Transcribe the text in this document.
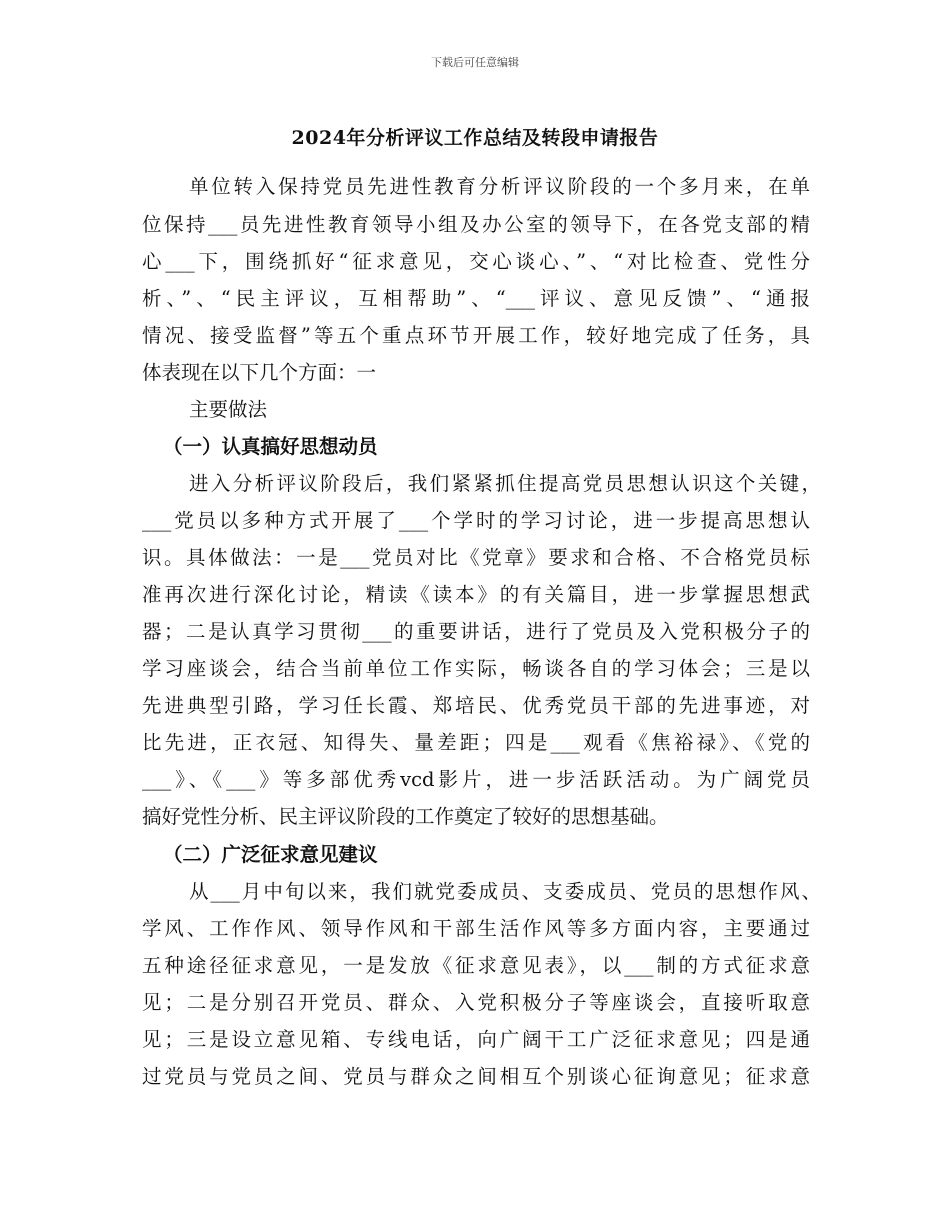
下载后可任意编辑
2024年分析评议工作总结及转段申请报告
单位转入保持党员先进性教育分析评议阶段的一个多月来，在单
位保持___员先进性教育领导小组及办公室的领导下，在各党支部的精
心___下，围绕抓好“征求意见，交心谈心、”、“对比检查、党性分
析、”、“民主评议，互相帮助”、“___评议、意见反馈”、“通报
情况、接受监督”等五个重点环节开展工作，较好地完成了任务，具
体表现在以下几个方面：一
主要做法
（一）认真搞好思想动员
进入分析评议阶段后，我们紧紧抓住提高党员思想认识这个关键，
___党员以多种方式开展了___个学时的学习讨论，进一步提高思想认
识。具体做法：一是___党员对比《党章》要求和合格、不合格党员标
准再次进行深化讨论，精读《读本》的有关篇目，进一步掌握思想武
器；二是认真学习贯彻___的重要讲话，进行了党员及入党积极分子的
学习座谈会，结合当前单位工作实际，畅谈各自的学习体会；三是以
先进典型引路，学习任长霞、郑培民、优秀党员干部的先进事迹，对
比先进，正衣冠、知得失、量差距；四是___观看《焦裕禄》、《党的
___》、《___》等多部优秀vcd影片，进一步活跃活动。为广阔党员
搞好党性分析、民主评议阶段的工作奠定了较好的思想基础。
（二）广泛征求意见建议
从___月中旬以来，我们就党委成员、支委成员、党员的思想作风、
学风、工作作风、领导作风和干部生活作风等多方面内容，主要通过
五种途径征求意见，一是发放《征求意见表》，以___制的方式征求意
见；二是分别召开党员、群众、入党积极分子等座谈会，直接听取意
见；三是设立意见箱、专线电话，向广阔干工广泛征求意见；四是通
过党员与党员之间、党员与群众之间相互个别谈心征询意见；征求意
